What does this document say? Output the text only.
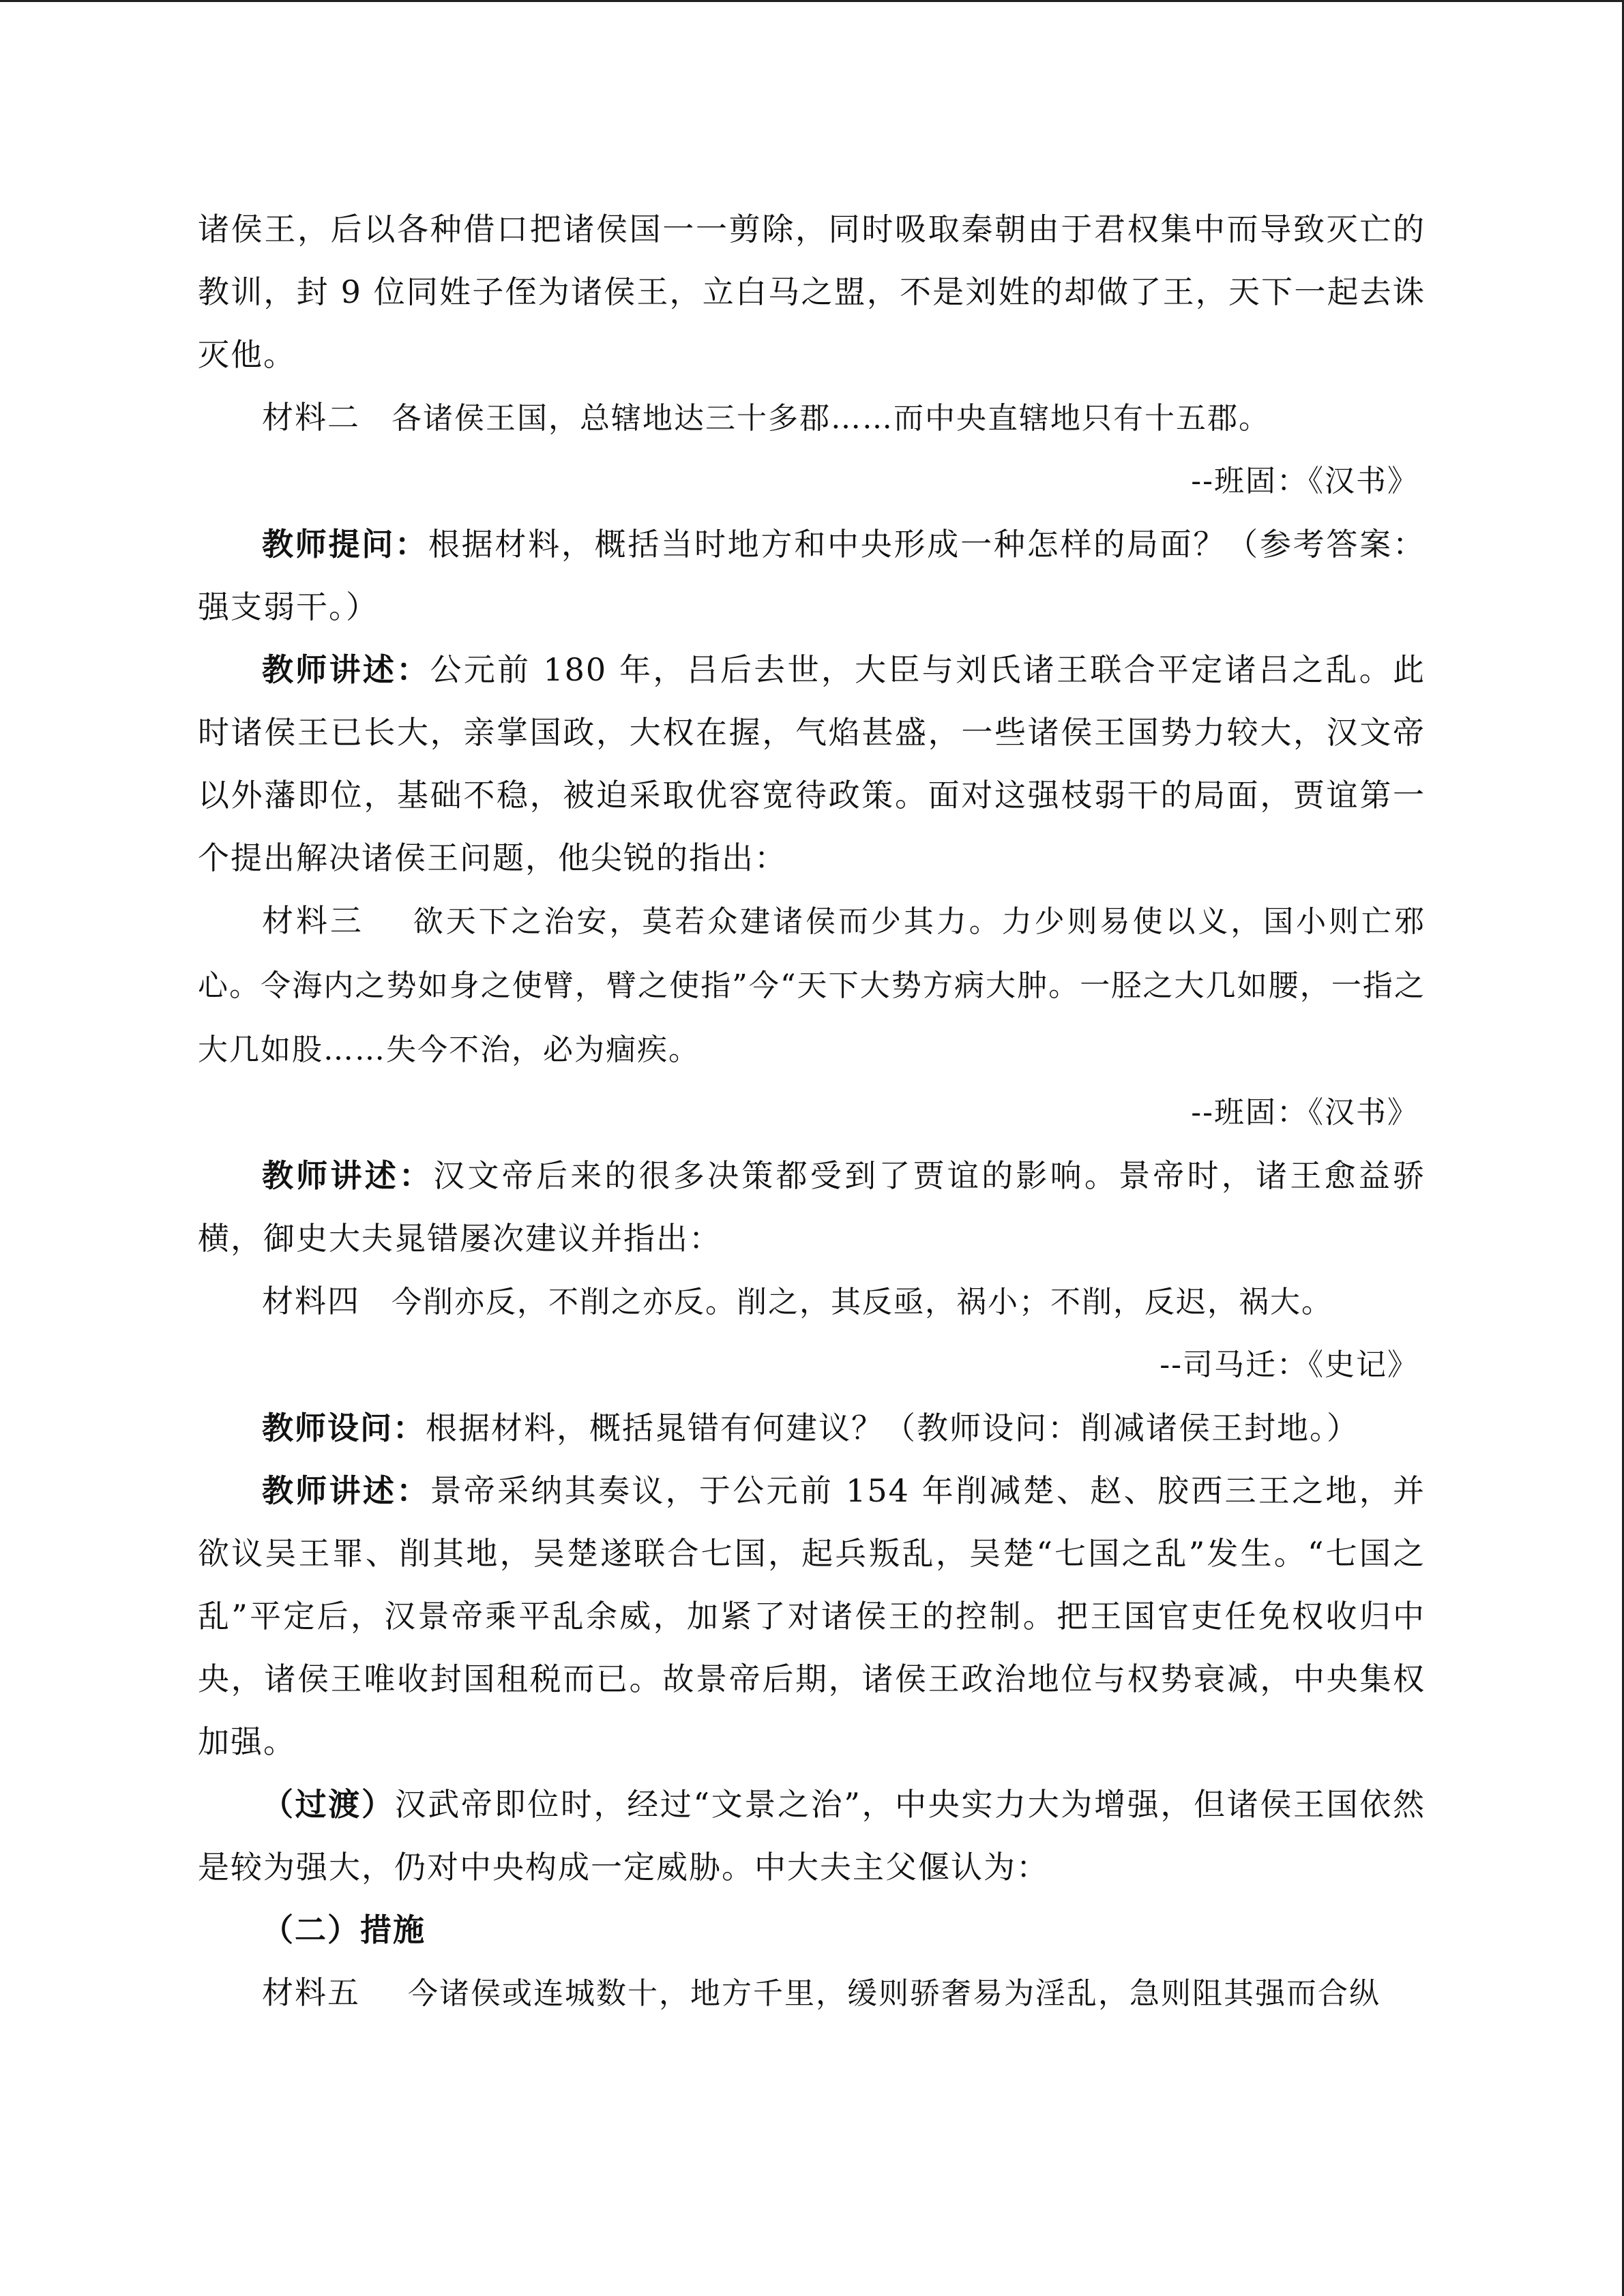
诸侯王，后以各种借口把诸侯国一一剪除，同时吸取秦朝由于君权集中而导致灭亡的教训，封 9 位同姓子侄为诸侯王，立白马之盟，不是刘姓的却做了王，天下一起去诛灭他。

材料二 各诸侯王国，总辖地达三十多郡……而中央直辖地只有十五郡。

--班固：《汉书》

教师提问：根据材料，概括当时地方和中央形成一种怎样的局面？（参考答案：强支弱干。）

教师讲述：公元前 180 年，吕后去世，大臣与刘氏诸王联合平定诸吕之乱。此时诸侯王已长大，亲掌国政，大权在握，气焰甚盛，一些诸侯王国势力较大，汉文帝以外藩即位，基础不稳，被迫采取优容宽待政策。面对这强枝弱干的局面，贾谊第一个提出解决诸侯王问题，他尖锐的指出：

材料三 欲天下之治安，莫若众建诸侯而少其力。力少则易使以义，国小则亡邪心。令海内之势如身之使臂，臂之使指”今“天下大势方病大肿。一胫之大几如腰，一指之大几如股……失今不治，必为痼疾。

--班固：《汉书》

教师讲述：汉文帝后来的很多决策都受到了贾谊的影响。景帝时，诸王愈益骄横，御史大夫晁错屡次建议并指出：

材料四 今削亦反，不削之亦反。削之，其反亟，祸小；不削，反迟，祸大。

--司马迁：《史记》

教师设问：根据材料，概括晁错有何建议？（教师设问：削减诸侯王封地。）

教师讲述：景帝采纳其奏议，于公元前 154 年削减楚、赵、胶西三王之地，并欲议吴王罪、削其地，吴楚遂联合七国，起兵叛乱，吴楚“七国之乱”发生。“七国之乱”平定后，汉景帝乘平乱余威，加紧了对诸侯王的控制。把王国官吏任免权收归中央，诸侯王唯收封国租税而已。故景帝后期，诸侯王政治地位与权势衰减，中央集权加强。

（过渡）汉武帝即位时，经过“文景之治”，中央实力大为增强，但诸侯王国依然是较为强大，仍对中央构成一定威胁。中大夫主父偃认为：

（二）措施

材料五 今诸侯或连城数十，地方千里，缓则骄奢易为淫乱，急则阻其强而合纵
